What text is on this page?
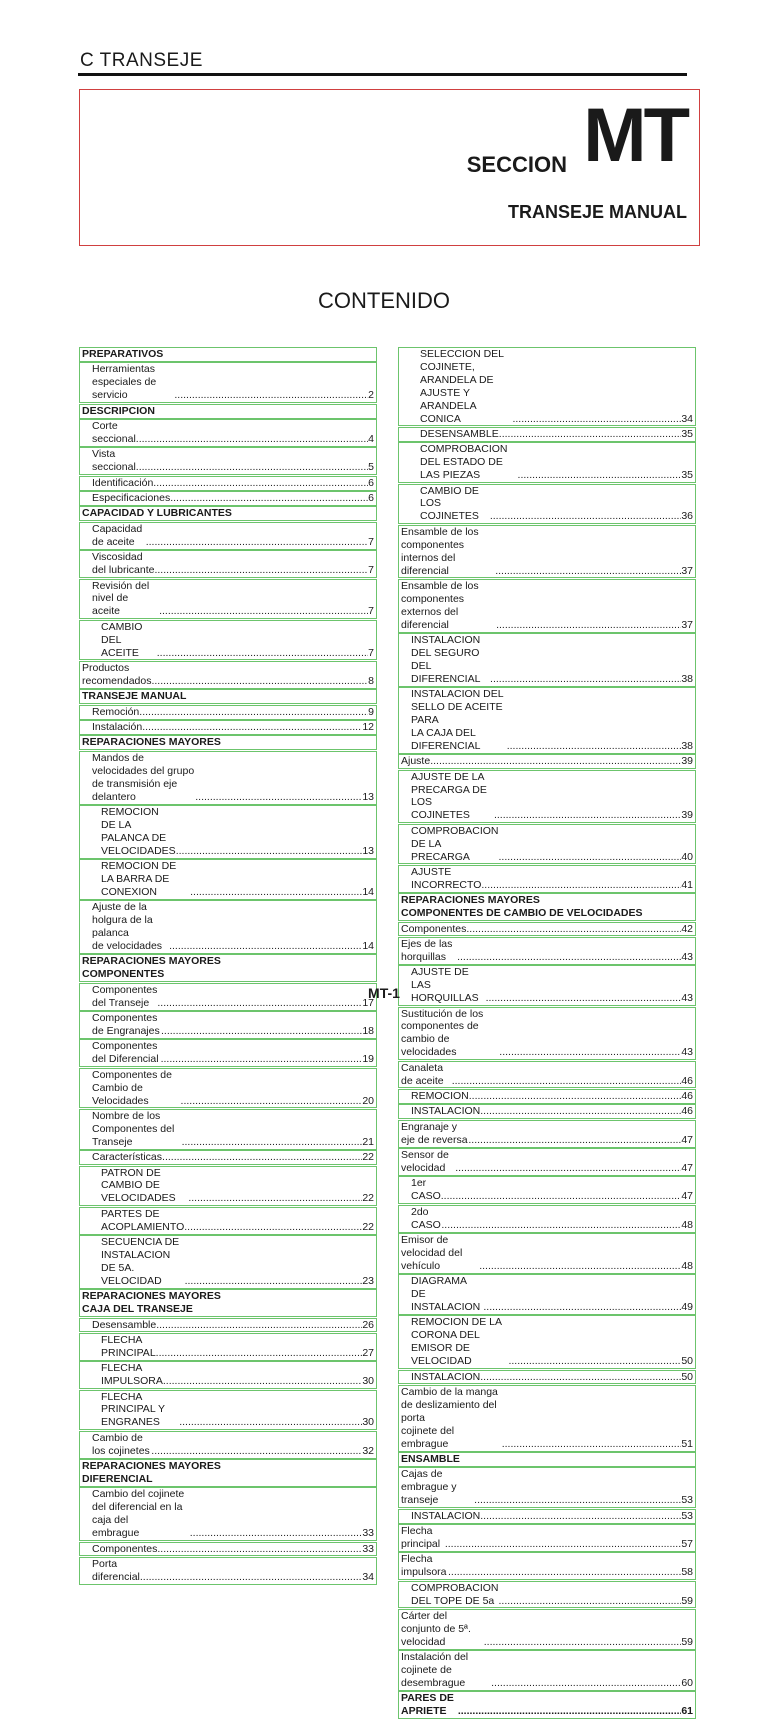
C TRANSEJE
SECCION MT
TRANSEJE MANUAL
CONTENIDO
PREPARATIVOS
Herramientas especiales de servicio .....	2
DESCRIPCION
Corte seccional .....	4
Vista seccional .....	5
Identificación .....	6
Especificaciones .....	6
CAPACIDAD Y LUBRICANTES
Capacidad de aceite .....	7
Viscosidad del lubricante .....	7
Revisión del nivel de aceite .....	7
CAMBIO DEL ACEITE .....	7
Productos recomendados .....	8
TRANSEJE MANUAL
Remoción .....	9
Instalación .....	12
REPARACIONES MAYORES
Mandos de velocidades del grupo de transmisión eje
delantero .....	13
REMOCION DE LA PALANCA DE
VELOCIDADES .....	13
REMOCION DE LA BARRA DE CONEXION .....	14
Ajuste de la holgura de la palanca
de velocidades .....	14
REPARACIONES MAYORES
COMPONENTES
Componentes del Transeje .....	17
Componentes de Engranajes .....	18
Componentes del Diferencial .....	19
Componentes de Cambio de Velocidades .....	20
Nombre de los Componentes del Transeje .....	21
Características .....	22
PATRON DE CAMBIO DE VELOCIDADES .....	22
PARTES DE ACOPLAMIENTO .....	22
SECUENCIA DE INSTALACION DE 5A.
VELOCIDAD .....	23
REPARACIONES MAYORES
CAJA DEL TRANSEJE
Desensamble .....	26
FLECHA PRINCIPAL .....	27
FLECHA IMPULSORA .....	30
FLECHA PRINCIPAL Y ENGRANES .....	30
Cambio de los cojinetes .....	32
REPARACIONES MAYORES
DIFERENCIAL
Cambio del cojinete del diferencial en la caja del
embrague .....	33
Componentes .....	33
Porta diferencial .....	34
SELECCION DEL COJINETE, ARANDELA DE
AJUSTE Y ARANDELA CONICA .....	34
DESENSAMBLE .....	35
COMPROBACION DEL ESTADO DE LAS PIEZAS .....	35
CAMBIO DE LOS COJINETES .....	36
Ensamble de los componentes internos del
diferencial .....	37
Ensamble de los componentes externos del
diferencial .....	37
INSTALACION DEL SEGURO DEL
DIFERENCIAL .....	38
INSTALACION DEL SELLO DE ACEITE PARA
LA CAJA DEL DIFERENCIAL .....	38
Ajuste .....	39
AJUSTE DE LA PRECARGA DE LOS
COJINETES .....	39
COMPROBACION DE LA PRECARGA .....	40
AJUSTE INCORRECTO .....	41
REPARACIONES MAYORES
COMPONENTES DE CAMBIO DE VELOCIDADES
Componentes .....	42
Ejes de las horquillas .....	43
AJUSTE DE LAS HORQUILLAS .....	43
Sustitución de los componentes de cambio de
velocidades .....	43
Canaleta de aceite .....	46
REMOCION .....	46
INSTALACION .....	46
Engranaje y eje de reversa .....	47
Sensor de velocidad .....	47
1er CASO .....	47
2do CASO .....	48
Emisor de velocidad del vehículo .....	48
DIAGRAMA DE INSTALACION .....	49
REMOCION DE LA CORONA DEL EMISOR DE
VELOCIDAD .....	50
INSTALACION .....	50
Cambio de la manga de deslizamiento del porta
cojinete del embrague .....	51
ENSAMBLE
Cajas de embrague y transeje .....	53
INSTALACION .....	53
Flecha principal .....	57
Flecha impulsora .....	58
COMPROBACION DEL TOPE DE 5a .....	59
Cárter del conjunto de 5ª. velocidad .....	59
Instalación del cojinete de desembrague .....	60
PARES DE APRIETE .....	61
MT-1
